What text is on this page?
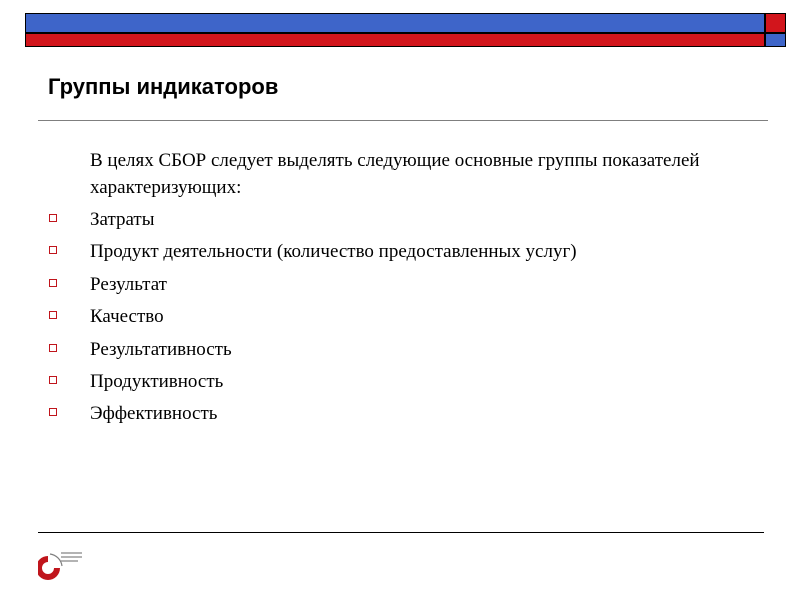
Группы индикаторов
В целях СБОР следует выделять следующие основные группы показателей характеризующих:
Затраты
Продукт деятельности (количество предоставленных услуг)
Результат
Качество
Результативность
Продуктивность
Эффективность
